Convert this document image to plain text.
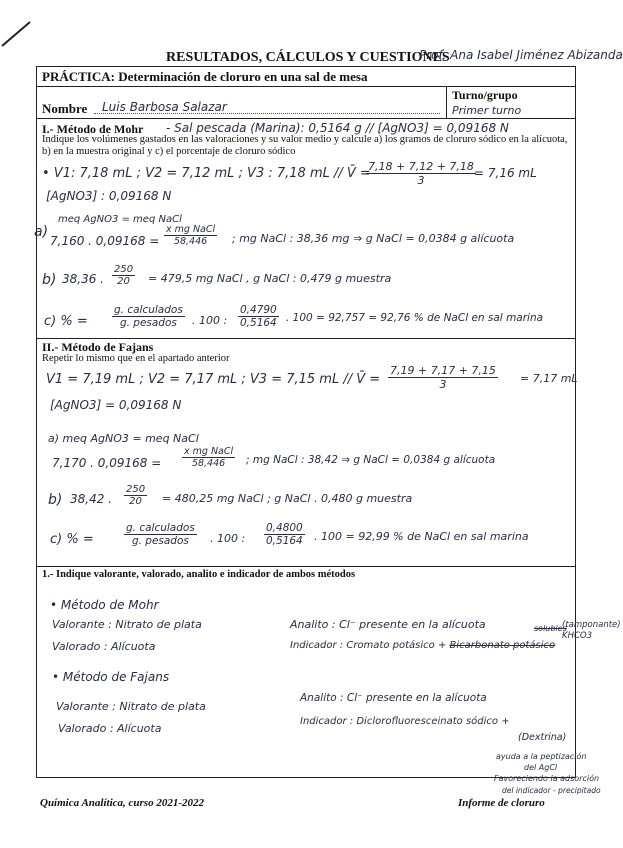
RESULTADOS, CÁLCULOS Y CUESTIONES
Prof. Ana Isabel Jiménez Abizanda
PRÁCTICA: Determinación de cloruro en una sal de mesa
Nombre Luis Barbosa Salazar
Turno/grupo
Primer turno
I.- Método de Mohr - Sal pescada (Marina): 0,5164 g // [AgNO3] = 0,09168 N
Indique los volúmenes gastados en las valoraciones y su valor medio y calcule a) los gramos de cloruro sódico en la alícuota, b) en la muestra original y c) el porcentaje de cloruro sódico
• V1: 7,18 mL ; V2 = 7,12 mL ; V3 : 7,18 mL // V̄ =
$\frac{7,18 + 7,12 + 7,18}{3}$
= 7,16 mL
[AgNO3] : 0,09168 N
a)
meq AgNO3 = meq NaCl
7,160 . 0,09168 =
x mg NaCl
58,446	; mg NaCl : 38,36 mg ⇒ g NaCl = 0,0384 g alícuota
b) 38,36 . $\frac{250}{20} = 479,5$ mg NaCl , g NaCl : 0,479 g muestra
c) % =
g. calculados
g. pesados	. 100 : $\frac{0,4790}{0,5164}$ . 100 = 92,757 = 92,76 % de NaCl en sal marina
II.- Método de Fajans
Repetir lo mismo que en el apartado anterior
V1 = 7,19 mL ; V2 = 7,17 mL ; V3 = 7,15 mL // V̄ = $\frac{7,19 + 7,17 + 7,15}{3} = 7,17$ mL
[AgNO3] = 0,09168 N
a) meq AgNO3 = meq NaCl
7,170 . 0,09168 =
x mg NaCl
58,446	; mg NaCl : 38,42 ⇒ g NaCl = 0,0384 g alícuota
b) 38,42 . $\frac{250}{20} = 480,25$ mg NaCl ; g NaCl . 0,480 g muestra
c) % =
g. calculados
g. pesados	. 100 : $\frac{0,4800}{0,5164}$ . 100 = 92,99 % de NaCl en sal marina
1.- Indique valorante, valorado, analito e indicador de ambos métodos
• Método de Mohr
Valorante : Nitrato de plata
Valorado : Alícuota
Analito : Cl⁻ presente en la alícuota
Indicador : Cromato potásico + Bicarbonato potásico
solubles
(tamponante) KHCO3
• Método de Fajans
Valorante : Nitrato de plata
Valorado : Alícuota
Analito : Cl⁻ presente en la alícuota
Indicador : Diclorofluoresceinato sódico +
(Dextrina)
ayuda a la peptización
del AgCl
Favoreciendo la adsorción
del indicador - precipitado
Química Analítica, curso 2021-2022	Informe de cloruro
